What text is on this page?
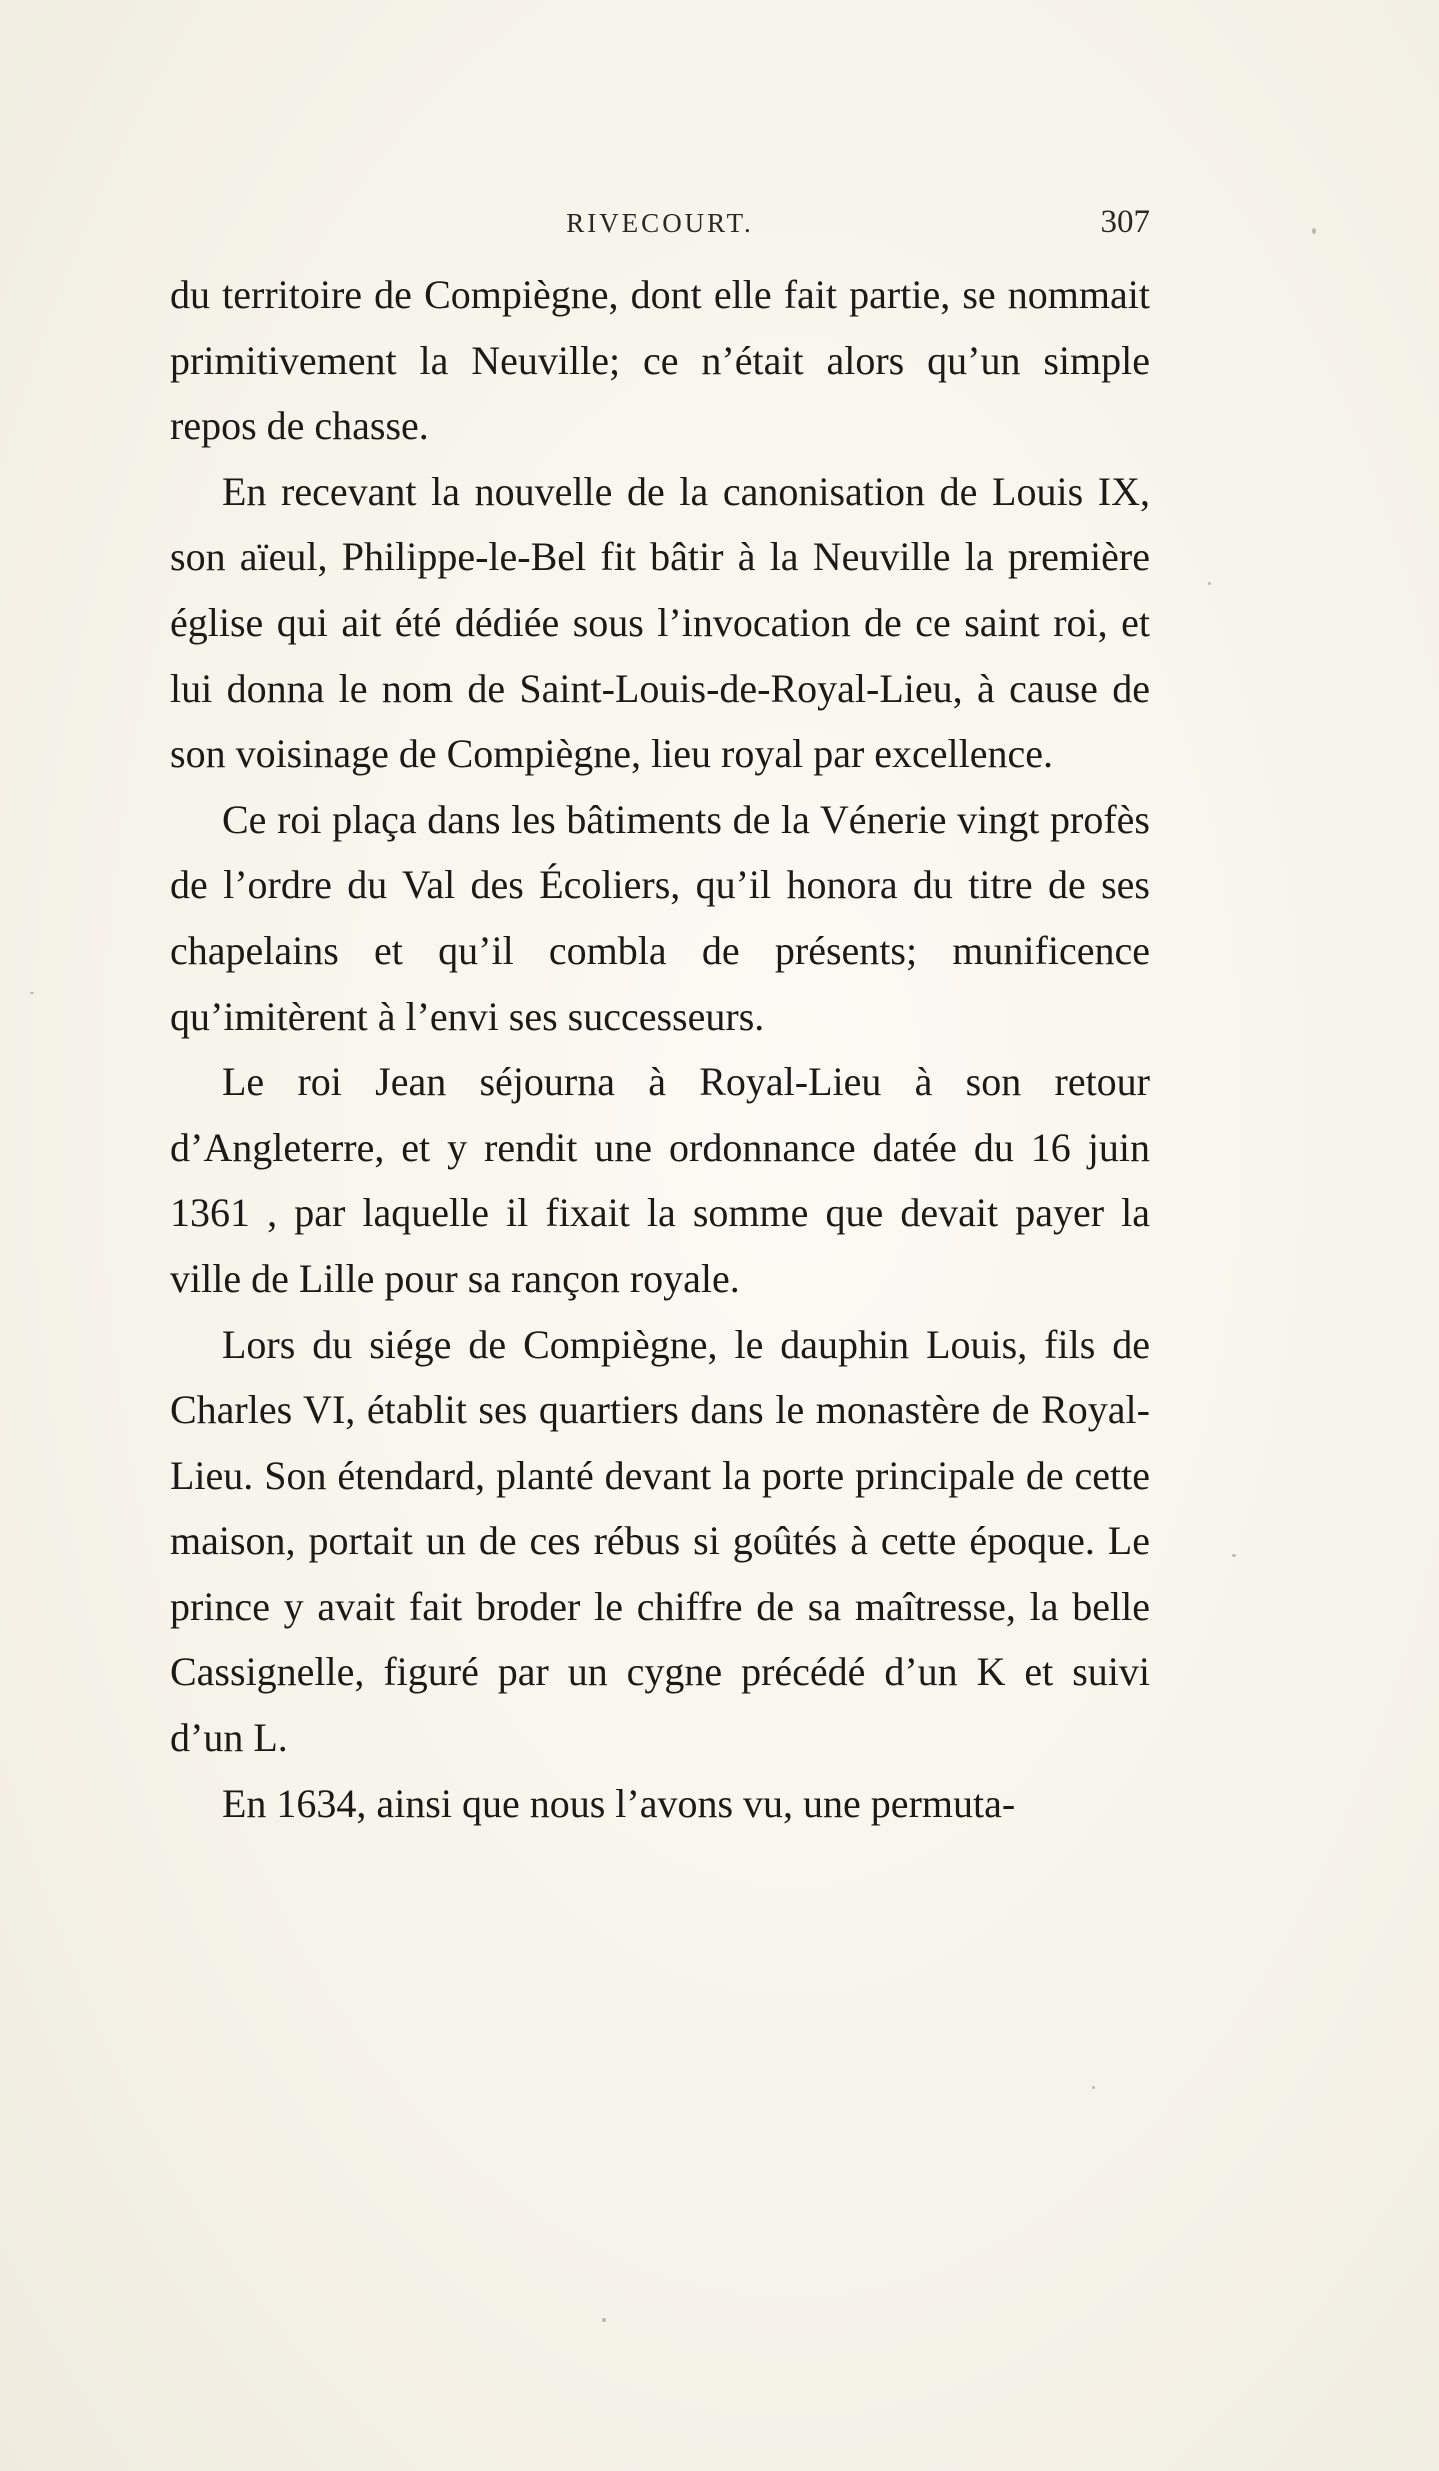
RIVECOURT.	307

du territoire de Compiègne, dont elle fait partie, se nommait primitivement la Neuville; ce n’était alors qu’un simple repos de chasse.

En recevant la nouvelle de la canonisation de Louis IX, son aïeul, Philippe-le-Bel fit bâtir à la Neuville la première église qui ait été dédiée sous l’invocation de ce saint roi, et lui donna le nom de Saint-Louis-de-Royal-Lieu, à cause de son voisinage de Compiègne, lieu royal par excellence.

Ce roi plaça dans les bâtiments de la Vénerie vingt profès de l’ordre du Val des Écoliers, qu’il honora du titre de ses chapelains et qu’il combla de présents; munificence qu’imitèrent à l’envi ses successeurs.

Le roi Jean séjourna à Royal-Lieu à son retour d’Angleterre, et y rendit une ordonnance datée du 16 juin 1361 , par laquelle il fixait la somme que devait payer la ville de Lille pour sa rançon royale.

Lors du siége de Compiègne, le dauphin Louis, fils de Charles VI, établit ses quartiers dans le monastère de Royal-Lieu. Son étendard, planté devant la porte principale de cette maison, portait un de ces rébus si goûtés à cette époque. Le prince y avait fait broder le chiffre de sa maîtresse, la belle Cassignelle, figuré par un cygne précédé d’un K et suivi d’un L.

En 1634, ainsi que nous l’avons vu, une permuta-
